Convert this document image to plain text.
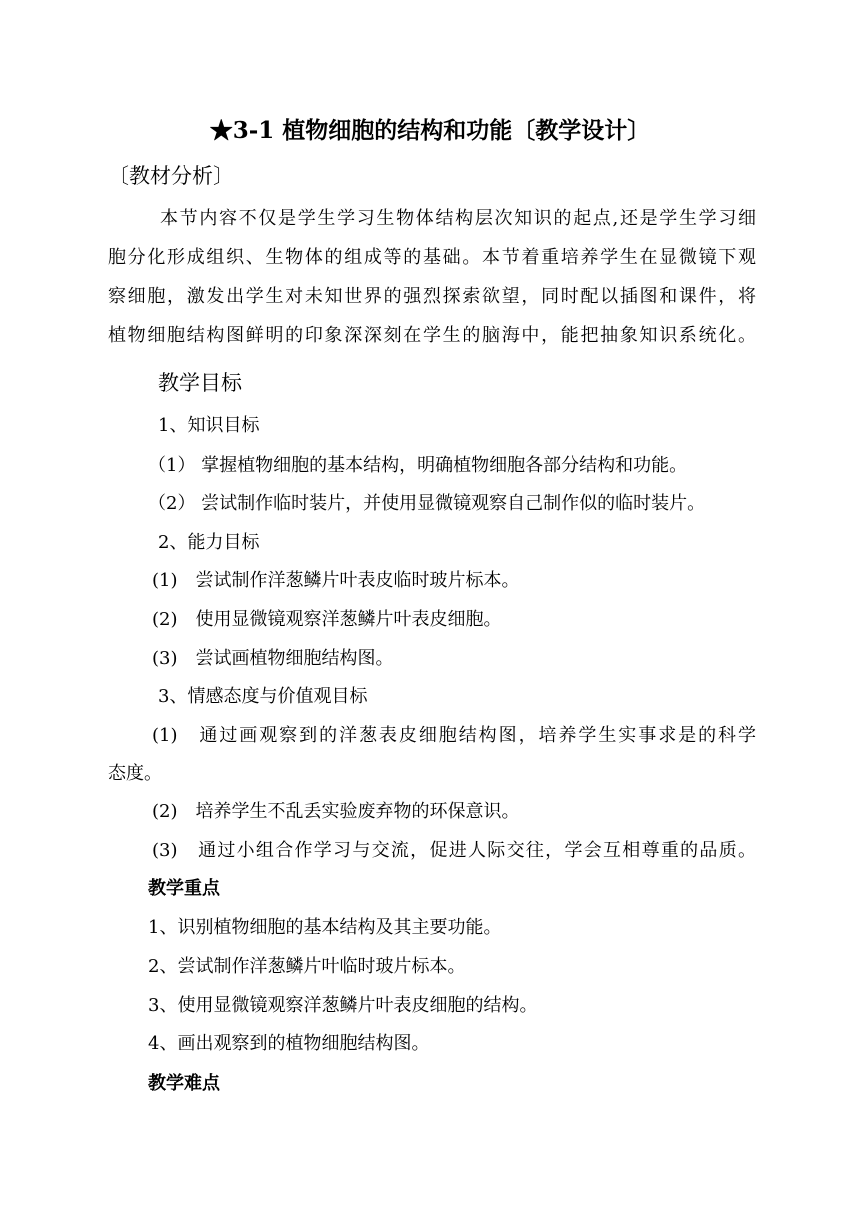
★3-1 植物细胞的结构和功能〔教学设计〕
〔教材分析〕
本节内容不仅是学生学习生物体结构层次知识的起点,还是学生学习细
胞分化形成组织、生物体的组成等的基础。本节着重培养学生在显微镜下观
察细胞，激发出学生对未知世界的强烈探索欲望，同时配以插图和课件，将
植物细胞结构图鲜明的印象深深刻在学生的脑海中，能把抽象知识系统化。
教学目标
1、知识目标
（1） 掌握植物细胞的基本结构，明确植物细胞各部分结构和功能。
（2） 尝试制作临时装片，并使用显微镜观察自己制作似的临时装片。
2、能力目标
(1)　尝试制作洋葱鳞片叶表皮临时玻片标本。
(2)　使用显微镜观察洋葱鳞片叶表皮细胞。
(3)　尝试画植物细胞结构图。
3、情感态度与价值观目标
(1)　通过画观察到的洋葱表皮细胞结构图，培养学生实事求是的科学
态度。
(2)　培养学生不乱丢实验废弃物的环保意识。
(3)　通过小组合作学习与交流，促进人际交往，学会互相尊重的品质。
教学重点
1、识别植物细胞的基本结构及其主要功能。
2、尝试制作洋葱鳞片叶临时玻片标本。
3、使用显微镜观察洋葱鳞片叶表皮细胞的结构。
4、画出观察到的植物细胞结构图。
教学难点
